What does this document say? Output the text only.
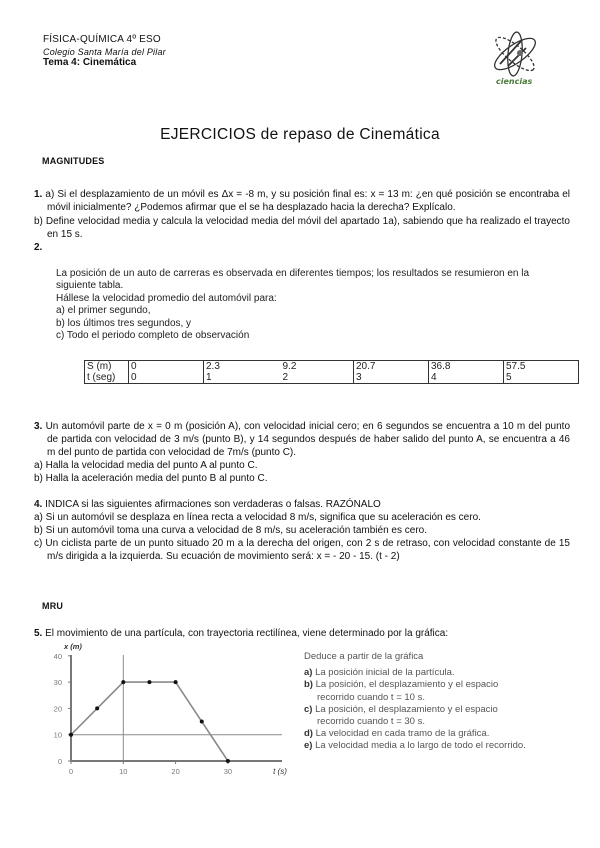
FÍSICA-QUÍMICA 4º ESO
Colegio Santa María del Pilar
Tema 4: Cinemática
ciencias
EJERCICIOS de repaso de Cinemática
MAGNITUDES

1. a) Si el desplazamiento de un móvil es Δx = -8 m, y su posición final es: x = 13 m: ¿en qué posición se encontraba el móvil inicialmente? ¿Podemos afirmar que el se ha desplazado hacia la derecha? Explícalo.

b) Define velocidad media y calcula la velocidad media del móvil del apartado 1a), sabiendo que ha realizado el trayecto en 15 s.

2.

La posición de un auto de carreras es observada en diferentes tiempos; los resultados se resumieron en la siguiente tabla.

Hállese la velocidad promedio del automóvil para:

a) el primer segundo,

b) los últimos tres segundos, y

c) Todo el periodo completo de observación

S (m)	0	2.3	9.2	20.7	36.8	57.5
t (seg)	0	1	2	3	4	5

3. Un automóvil parte de x = 0 m (posición A), con velocidad inicial cero; en 6 segundos se encuentra a 10 m del punto de partida con velocidad de 3 m/s (punto B), y 14 segundos después de haber salido del punto A, se encuentra a 46 m del punto de partida con velocidad de 7m/s (punto C).

a) Halla la velocidad media del punto A al punto C.

b) Halla la aceleración media del punto B al punto C.

4. INDICA si las siguientes afirmaciones son verdaderas o falsas. RAZÓNALO

a) Si un automóvil se desplaza en línea recta a velocidad 8 m/s, significa que su aceleración es cero.

b) Si un automóvil toma una curva a velocidad de 8 m/s, su aceleración también es cero.

c) Un ciclista parte de un punto situado 20 m a la derecha del origen, con 2 s de retraso, con velocidad constante de 15 m/s dirigida a la izquierda. Su ecuación de movimiento será: x = - 20 - 15. (t - 2)

MRU

5. El movimiento de una partícula, con trayectoria rectilínea, viene determinado por la gráfica:

0
10
20
30
40
0	10	20	30	t (s)
x (m)

Deduce a partir de la gráfica

a) La posición inicial de la partícula.

b) La posición, el desplazamiento y el espacio recorrido cuando t = 10 s.

c) La posición, el desplazamiento y el espacio recorrido cuando t = 30 s.

d) La velocidad en cada tramo de la gráfica.

e) La velocidad media a lo largo de todo el recorrido.
